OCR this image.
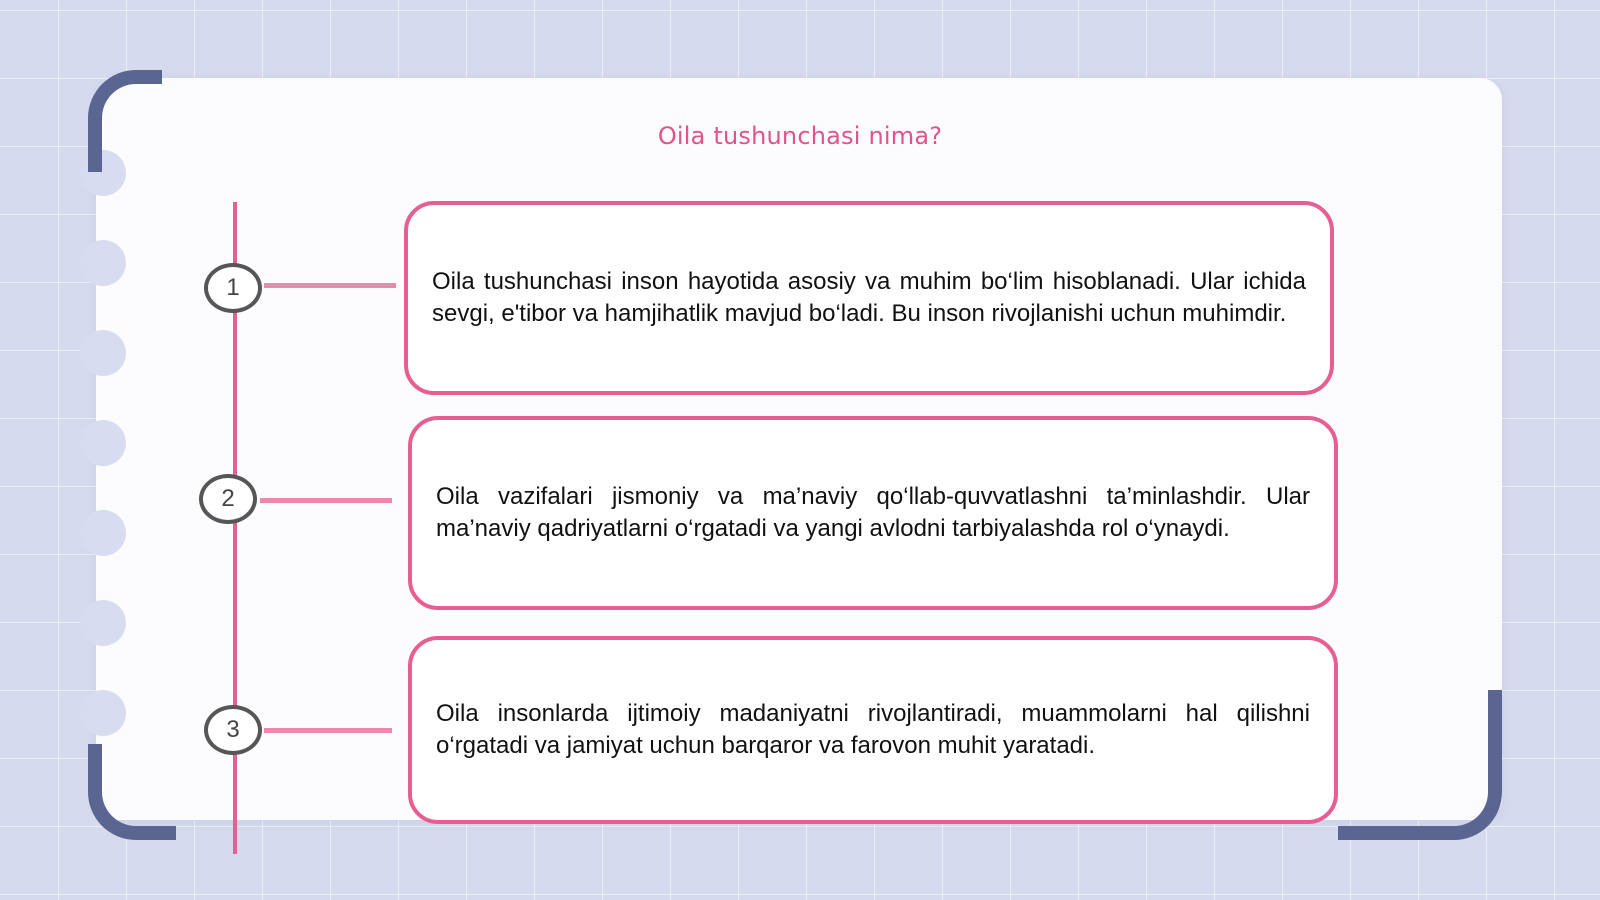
Oila tushunchasi nima?
1	Oila tushunchasi inson hayotida asosiy va muhim bo‘lim hisoblanadi. Ular ichida sevgi, e'tibor va hamjihatlik mavjud bo‘ladi. Bu inson rivojlanishi uchun muhimdir.
2	Oila vazifalari jismoniy va ma’naviy qo‘llab-quvvatlashni ta’minlashdir. Ular ma’naviy qadriyatlarni o‘rgatadi va yangi avlodni tarbiyalashda rol o‘ynaydi.
3
Oila insonlarda ijtimoiy madaniyatni rivojlantiradi, muammolarni hal qilishni o‘rgatadi va jamiyat uchun barqaror va farovon muhit yaratadi.
